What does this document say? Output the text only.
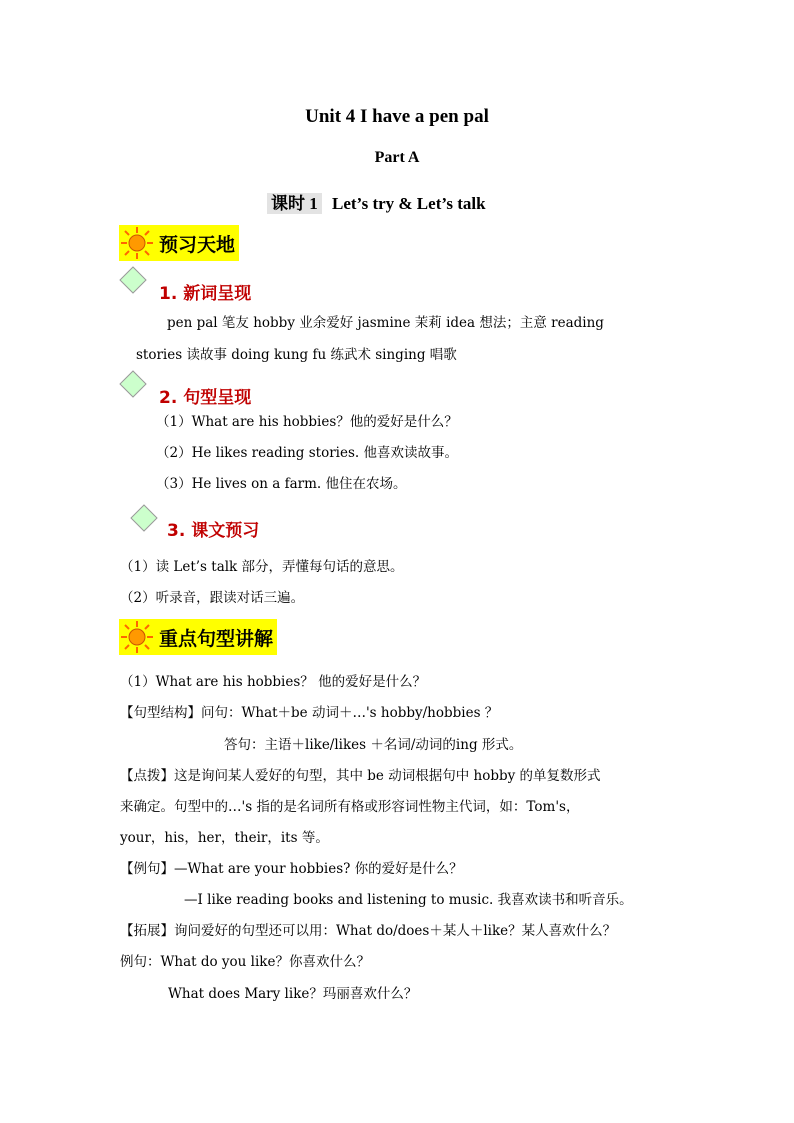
Unit 4 I have a pen pal
Part A
课时 1 Let’s try & Let’s talk
预习天地
1. 新词呈现
pen pal 笔友 hobby 业余爱好 jasmine 茉莉 idea 想法；主意 reading
stories 读故事 doing kung fu 练武术 singing 唱歌
2. 句型呈现
（1）What are his hobbies？他的爱好是什么？
（2）He likes reading stories. 他喜欢读故事。
（3）He lives on a farm. 他住在农场。
3. 课文预习
（1）读 Let’s talk 部分，弄懂每句话的意思。
（2）听录音，跟读对话三遍。
重点句型讲解
（1）What are his hobbies？ 他的爱好是什么？
【句型结构】问句：What＋be 动词＋…'s hobby/hobbies ？
答句：主语＋like/likes ＋名词/动词的ing 形式。
【点拨】这是询问某人爱好的句型，其中 be 动词根据句中 hobby 的单复数形式
来确定。句型中的…'s 指的是名词所有格或形容词性物主代词，如：Tom's，
your，his，her，their，its 等。
【例句】—What are your hobbies? 你的爱好是什么？
—I like reading books and listening to music. 我喜欢读书和听音乐。
【拓展】询问爱好的句型还可以用：What do/does＋某人＋like？某人喜欢什么？
例句：What do you like？你喜欢什么？
What does Mary like？玛丽喜欢什么？
